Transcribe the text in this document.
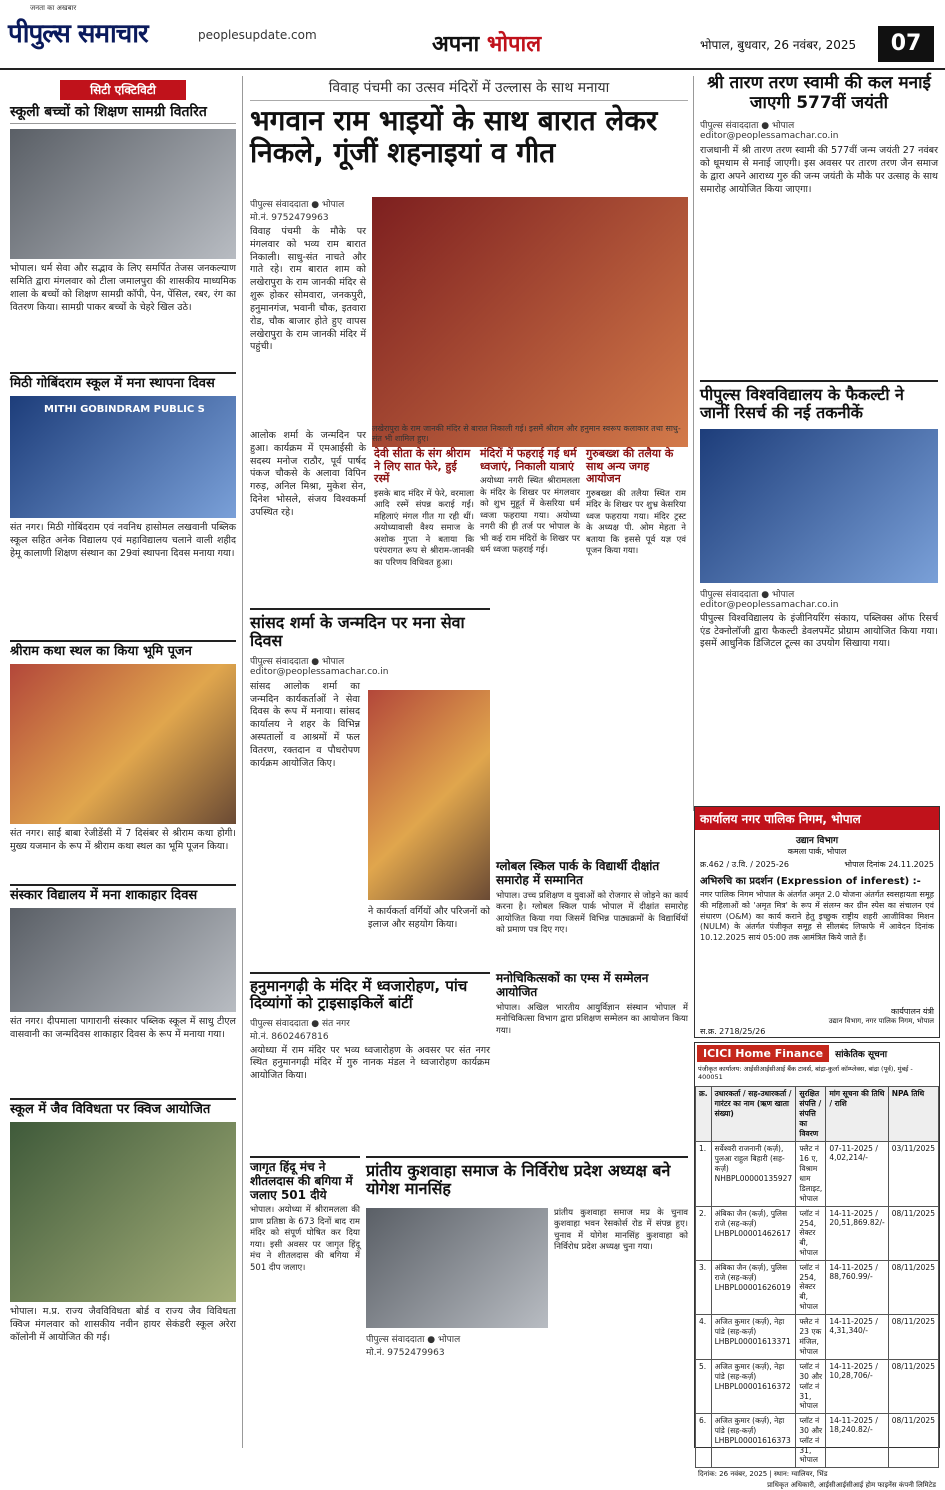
जनता का अखबार
पीपुल्स समाचार	peoplesupdate.com	अपना भोपाल	भोपाल, बुधवार, 26 नवंबर, 2025	07
सिटी एक्टिविटी
स्कूली बच्चों को शिक्षण सामग्री वितरित
भोपाल। धर्म सेवा और सद्भाव के लिए समर्पित तेजस जनकल्याण समिति द्वारा मंगलवार को टीला जमालपुरा की शासकीय माध्यमिक शाला के बच्चों को शिक्षण सामग्री कॉपी, पेन, पेंसिल, रबर, रंग का वितरण किया। सामग्री पाकर बच्चों के चेहरे खिल उठे।
मिठी गोबिंदराम स्कूल में मना स्थापना दिवस
MITHI GOBINDRAM PUBLIC S
संत नगर। मिठी गोबिंदराम एवं नवनिध हासोमल लखवानी पब्लिक स्कूल सहित अनेक विद्यालय एवं महाविद्यालय चलाने वाली शहीद हेमू कालाणी शिक्षण संस्थान का 29वां स्थापना दिवस मनाया गया।
श्रीराम कथा स्थल का किया भूमि पूजन
संत नगर। साईं बाबा रेजीडेंसी में 7 दिसंबर से श्रीराम कथा होगी। मुख्य यजमान के रूप में श्रीराम कथा स्थल का भूमि पूजन किया।
संस्कार विद्यालय में मना शाकाहार दिवस
संत नगर। दीपमाला पागारानी संस्कार पब्लिक स्कूल में साधु टीएल वासवानी का जन्मदिवस शाकाहार दिवस के रूप में मनाया गया।
स्कूल में जैव विविधता पर क्विज आयोजित
भोपाल। म.प्र. राज्य जैवविविधता बोर्ड व राज्य जैव विविधता क्विज मंगलवार को शासकीय नवीन हायर सेकंडरी स्कूल अरेरा कॉलोनी में आयोजित की गई।
विवाह पंचमी का उत्सव मंदिरों में उल्लास के साथ मनाया
भगवान राम भाइयों के साथ बारात लेकर निकले, गूंजीं शहनाइयां व गीत
पीपुल्स संवाददाता ● भोपाल
मो.नं. 9752479963
विवाह पंचमी के मौके पर मंगलवार को भव्य राम बारात निकाली। साधु-संत नाचते और गाते रहे। राम बारात शाम को लखेरापुरा के राम जानकी मंदिर से शुरू होकर सोमवारा, जनकपुरी, हनुमानगंज, भवानी चौक, इतवारा रोड, चौक बाजार होते हुए वापस लखेरापुरा के राम जानकी मंदिर में पहुंची।
आलोक शर्मा के जन्मदिन पर हुआ। कार्यक्रम में एमआईसी के सदस्य मनोज राठौर, पूर्व पार्षद पंकज चौकसे के अलावा विपिन गरुड़, अनिल मिश्रा, मुकेश सेन, दिनेश भोसले, संजय विश्वकर्मा उपस्थित रहे।
लखेरापुरा के राम जानकी मंदिर से बारात निकाली गई। इसमें श्रीराम और हनुमान स्वरूप कलाकार तथा साधु-संत भी शामिल हुए।
देवी सीता के संग श्रीराम ने लिए सात फेरे, हुई रस्में
इसके बाद मंदिर में फेरे, वरमाला आदि रस्में संपन्न कराई गईं। महिलाएं मंगल गीत गा रही थीं। अयोध्यावासी वैश्य समाज के अशोक गुप्ता ने बताया कि परंपरागत रूप से श्रीराम-जानकी का परिणय विधिवत हुआ।
मंदिरों में फहराई गई धर्म ध्वजाएं, निकाली यात्राएं
अयोध्या नगरी स्थित श्रीरामलला के मंदिर के शिखर पर मंगलवार को शुभ मुहूर्त में केसरिया धर्म ध्वजा फहराया गया। अयोध्या नगरी की ही तर्ज पर भोपाल के भी कई राम मंदिरों के शिखर पर धर्म ध्वजा फहराई गई।
गुरुबख्श की तलैया के साथ अन्य जगह आयोजन
गुरुबख्श की तलैया स्थित राम मंदिर के शिखर पर शुभ्र केसरिया ध्वज फहराया गया। मंदिर ट्रस्ट के अध्यक्ष पी. ओम मेहता ने बताया कि इससे पूर्व यज्ञ एवं पूजन किया गया।
सांसद शर्मा के जन्मदिन पर मना सेवा दिवस
पीपुल्स संवाददाता ● भोपाल
editor@peoplessamachar.co.in
सांसद आलोक शर्मा का जन्मदिन कार्यकर्ताओं ने सेवा दिवस के रूप में मनाया। सांसद कार्यालय ने शहर के विभिन्न अस्पतालों व आश्रमों में फल वितरण, रक्तदान व पौधरोपण कार्यक्रम आयोजित किए।
ने कार्यकर्ता वर्गियों और परिजनों को इलाज और सहयोग किया।
ग्लोबल स्किल पार्क के विद्यार्थी दीक्षांत समारोह में सम्मानित
भोपाल। उच्च प्रशिक्षण व युवाओं को रोजगार से जोड़ने का कार्य करना है। ग्लोबल स्किल पार्क भोपाल में दीक्षांत समारोह आयोजित किया गया जिसमें विभिन्न पाठ्यक्रमों के विद्यार्थियों को प्रमाण पत्र दिए गए।
हनुमानगढ़ी के मंदिर में ध्वजारोहण, पांच दिव्यांगों को ट्राइसाइकिलें बांटीं
पीपुल्स संवाददाता ● संत नगर
मो.नं. 8602467816
अयोध्या में राम मंदिर पर भव्य ध्वजारोहण के अवसर पर संत नगर स्थित हनुमानगढ़ी मंदिर में गुरु नानक मंडल ने ध्वजारोहण कार्यक्रम आयोजित किया।
जागृत हिंदू मंच ने शीतलदास की बगिया में जलाए 501 दीये
भोपाल। अयोध्या में श्रीरामलला की प्राण प्रतिष्ठा के 673 दिनों बाद राम मंदिर को संपूर्ण घोषित कर दिया गया। इसी अवसर पर जागृत हिंदू मंच ने शीतलदास की बगिया में 501 दीप जलाए।
मनोचिकित्सकों का एम्स में सम्मेलन आयोजित
भोपाल। अखिल भारतीय आयुर्विज्ञान संस्थान भोपाल में मनोचिकित्सा विभाग द्वारा प्रशिक्षण सम्मेलन का आयोजन किया गया।
प्रांतीय कुशवाहा समाज के निर्विरोध प्रदेश अध्यक्ष बने योगेश मानसिंह
पीपुल्स संवाददाता ● भोपाल
मो.नं. 9752479963
प्रांतीय कुशवाहा समाज मप्र के चुनाव कुशवाहा भवन रेसकोर्स रोड में संपन्न हुए। चुनाव में योगेश मानसिंह कुशवाहा को निर्विरोध प्रदेश अध्यक्ष चुना गया।
श्री तारण तरण स्वामी की कल मनाई जाएगी 577वीं जयंती
पीपुल्स संवाददाता ● भोपाल
editor@peoplessamachar.co.in
राजधानी में श्री तारण तरण स्वामी की 577वीं जन्म जयंती 27 नवंबर को धूमधाम से मनाई जाएगी। इस अवसर पर तारण तरण जैन समाज के द्वारा अपने आराध्य गुरु की जन्म जयंती के मौके पर उत्साह के साथ समारोह आयोजित किया जाएगा।
पीपुल्स विश्वविद्यालय के फैकल्टी ने जानीं रिसर्च की नई तकनीकें
पीपुल्स संवाददाता ● भोपाल
editor@peoplessamachar.co.in
पीपुल्स विश्वविद्यालय के इंजीनियरिंग संकाय, पब्लिक्स ऑफ रिसर्च एंड टेक्नोलॉजी द्वारा फैकल्टी डेवलपमेंट प्रोग्राम आयोजित किया गया। इसमें आधुनिक डिजिटल टूल्स का उपयोग सिखाया गया।
कार्यालय नगर पालिक निगम, भोपाल
उद्यान विभाग
कमला पार्क, भोपाल
क्र.462 / उ.वि. / 2025-26	भोपाल दिनांक 24.11.2025
अभिरुचि का प्रदर्शन (Expression of inferest) :-
नगर पालिक निगम भोपाल के अंतर्गत अमृत 2.0 योजना अंतर्गत स्वसहायता समूह की महिलाओं को 'अमृत मित्र' के रूप में संलग्न कर ग्रीन स्पेस का संचालन एवं संधारण (O&M) का कार्य कराने हेतु इच्छुक राष्ट्रीय शहरी आजीविका मिशन (NULM) के अंतर्गत पंजीकृत समूह से सीलबंद लिफाफे में आवेदन दिनांक 10.12.2025 सायं 05:00 तक आमंत्रित किये जाते हैं।
कार्यपालन यंत्री
उद्यान विभाग, नगर पालिक निगम, भोपाल
स.क्र. 2718/25/26
ICICI Home Finance	सांकेतिक सूचना
पंजीकृत कार्यालय: आईसीआईसीआई बैंक टावर्स, बांद्रा-कुर्ला कॉम्प्लेक्स, बांद्रा (पूर्व), मुंबई - 400051
क्र.	उधारकर्ता / सह-उधारकर्ता / गारंटर का नाम (ऋण खाता संख्या)	सुरक्षित संपत्ति / संपत्ति का विवरण	मांग सूचना की तिथि / राशि	NPA तिथि
1.	सर्वेश्वरी राजनानी (कर्ज़), पुलआ राहुल बिहारी (सह-कर्ज़) NHBPL00000135927	फ्लैट नं 16 ए, विश्राम धाम डिलाइट, भोपाल	07-11-2025 / 4,02,214/-	03/11/2025
2.	अंबिका जैन (कर्ज़), पुलिस राजे (सह-कर्ज़) LHBPL00001462617	प्लॉट नं 254, सेक्टर बी, भोपाल	14-11-2025 / 20,51,869.82/-	08/11/2025
3.	अंबिका जैन (कर्ज़), पुलिस राजे (सह-कर्ज़) LHBPL00001626019	प्लॉट नं 254, सेक्टर बी, भोपाल	14-11-2025 / 88,760.99/-	08/11/2025
4.	अजित कुमार (कर्ज़), नेहा पांडे (सह-कर्ज़) LHBPL00001613371	फ्लैट नं 23 एक मंजिल, भोपाल	14-11-2025 / 4,31,340/-	08/11/2025
5.	अजित कुमार (कर्ज़), नेहा पांडे (सह-कर्ज़) LHBPL00001616372	प्लॉट नं 30 और प्लॉट नं 31, भोपाल	14-11-2025 / 10,28,706/-	08/11/2025
6.	अजित कुमार (कर्ज़), नेहा पांडे (सह-कर्ज़) LHBPL00001616373	प्लॉट नं 30 और प्लॉट नं 31, भोपाल	14-11-2025 / 18,240.82/-	08/11/2025
दिनांक: 26 नवंबर, 2025 | स्थान: ग्वालियर, भिंड
प्राधिकृत अधिकारी, आईसीआईसीआई होम फाइनेंस कंपनी लिमिटेड
